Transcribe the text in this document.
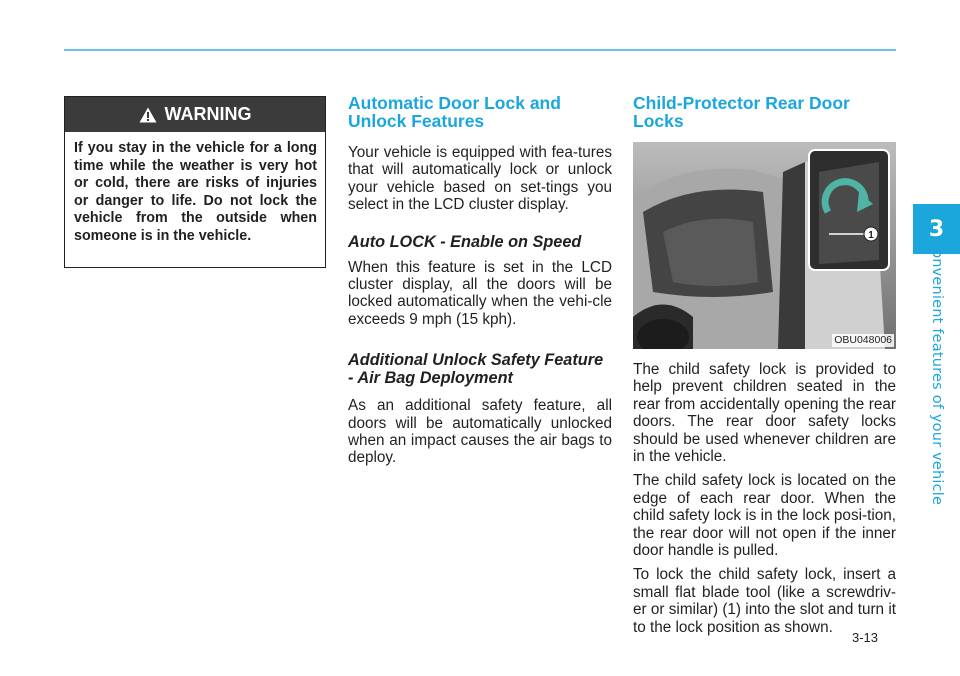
3
Convenient features of your vehicle
WARNING
If you stay in the vehicle for a long time while the weather is very hot or cold, there are risks of injuries or danger to life. Do not lock the vehicle from the outside when someone is in the vehicle.
Automatic Door Lock and Unlock Features

Your vehicle is equipped with fea-tures that will automatically lock or unlock your vehicle based on set-tings you select in the LCD cluster display.

Auto LOCK - Enable on Speed

When this feature is set in the LCD cluster display, all the doors will be locked automatically when the vehi-cle exceeds 9 mph (15 kph).

Additional Unlock Safety Feature - Air Bag Deployment

As an additional safety feature, all doors will be automatically unlocked when an impact causes the air bags to deploy.

Child-Protector Rear Door Locks
1
OBU048006

The child safety lock is provided to help prevent children seated in the rear from accidentally opening the rear doors. The rear door safety locks should be used whenever children are in the vehicle.

The child safety lock is located on the edge of each rear door. When the child safety lock is in the lock posi-tion, the rear door will not open if the inner door handle is pulled.

To lock the child safety lock, insert a small flat blade tool (like a screwdriv-er or similar) (1) into the slot and turn it to the lock position as shown.

3-13
